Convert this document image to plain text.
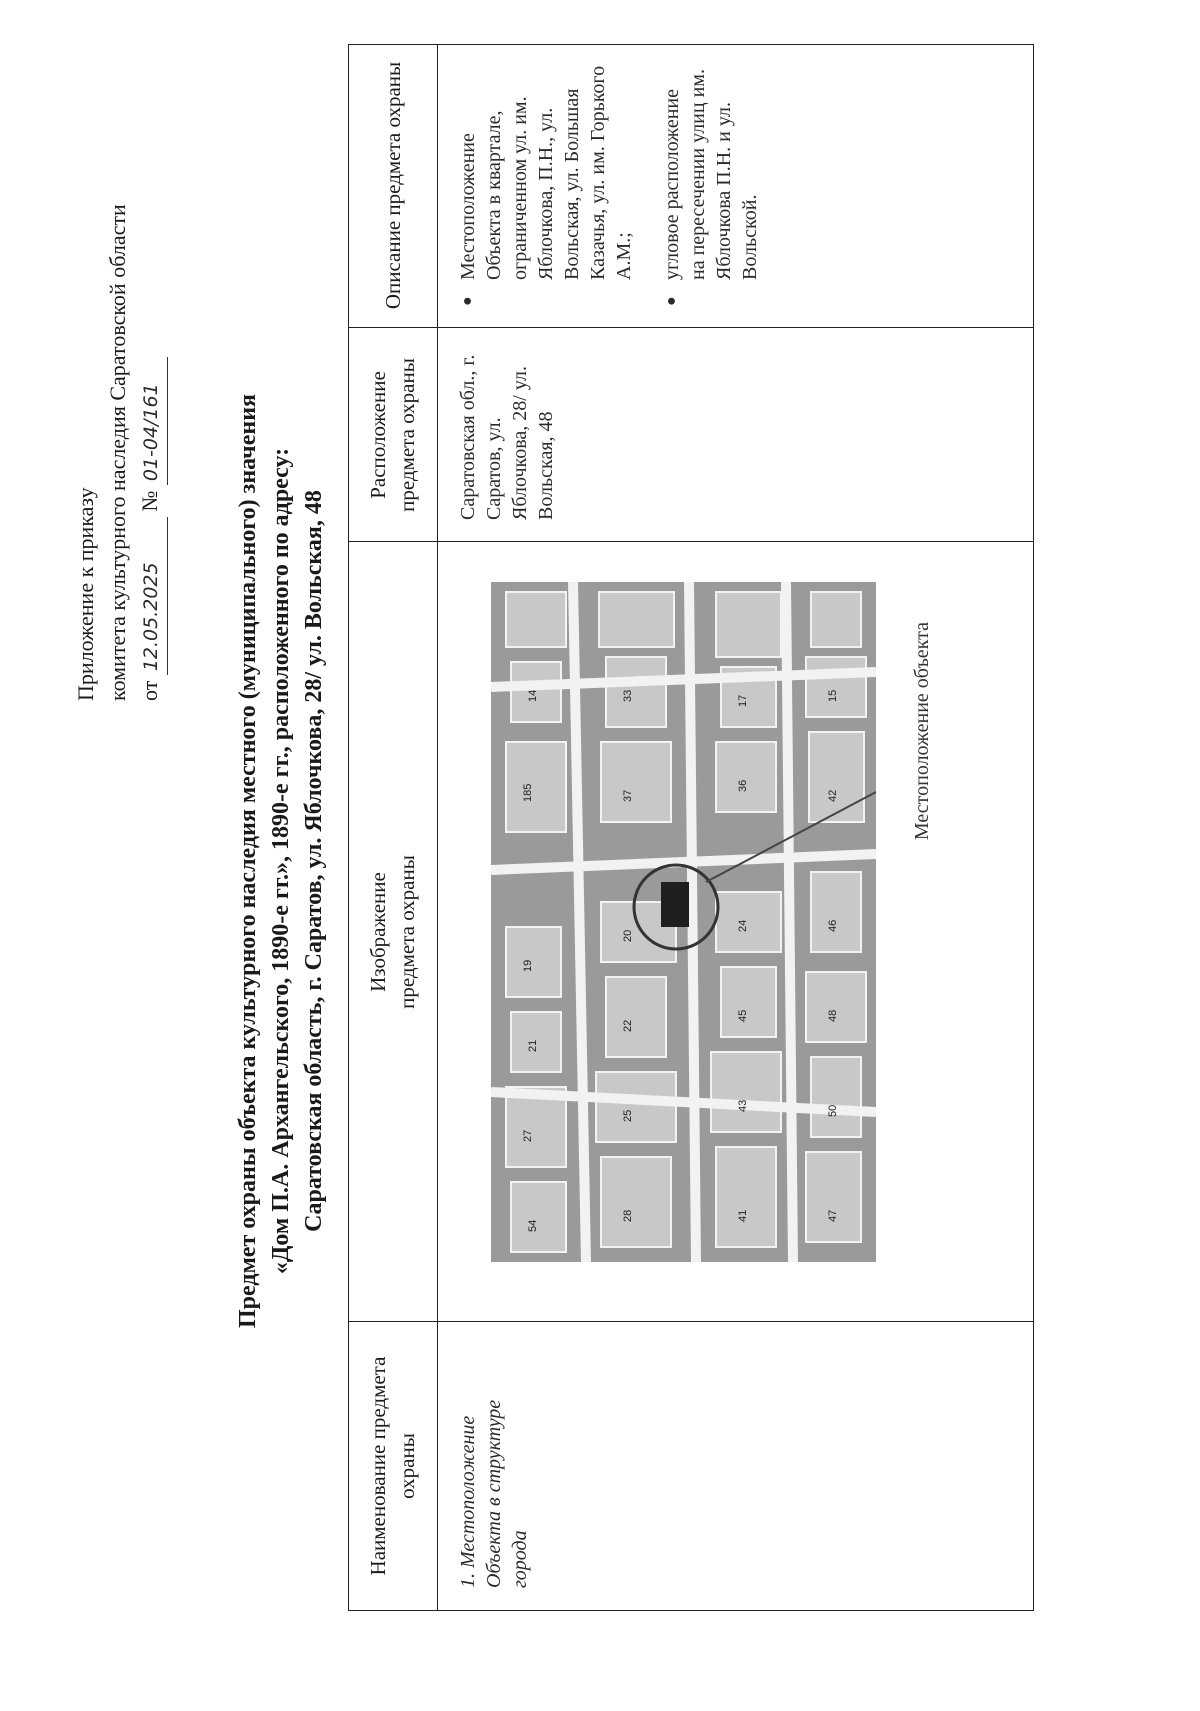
Приложение к приказу комитета культурного наследия Саратовской области от 12.05.2025 № 01-04/161	Предмет охраны объекта культурного наследия местного (муниципального) значения «Дом П.А. Архангельского, 1890-е гг.», 1890-е гг., расположенного по адресу: Саратовская область, г. Саратов, ул. Яблочкова, 28/ ул. Вольская, 48
Наименование предмета охраны
Изображение предмета охраны
Расположение предмета охраны
Описание предмета охраны
1. Местоположение Объекта в структуре города
54
27
21
19
185
14
28
25
22
20
37
33
41
43
45
24
36
17
47
50
48
46
42
15	Местоположение объекта
Саратовская обл., г. Саратов, ул. Яблочкова, 28/ ул. Вольская, 48

● Местоположение Объекта в квартале, ограниченном ул. им. Яблочкова, П.Н., ул. Вольская, ул. Большая Казачья, ул. им. Горького А.М.;

● угловое расположение на пересечении улиц им. Яблочкова П.Н. и ул. Вольской.
